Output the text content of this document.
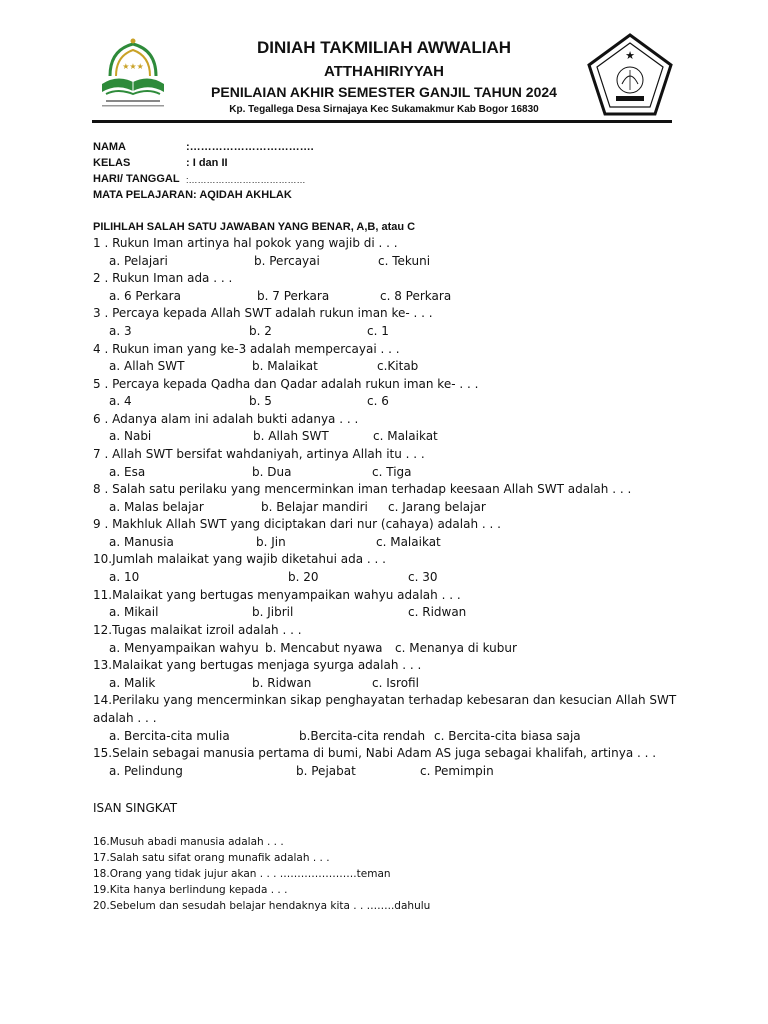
★★★
★
DINIAH TAKMILIAH AWWALIAH
ATTHAHIRIYYAH
PENILAIAN AKHIR SEMESTER GANJIL TAHUN 2024
Kp. Tegallega Desa Sirnajaya Kec Sukamakmur Kab Bogor 16830
NAMA	:…………………………….
KELAS	: I dan II
HARI/ TANGGAL :…………………………………
MATA PELAJARAN: AQIDAH AKHLAK
PILIHLAH SALAH SATU JAWABAN YANG BENAR, A,B, atau C
1 . Rukun Iman artinya hal pokok yang wajib di . . .
a. Pelajari	b. Percayai	c. Tekuni
2 . Rukun Iman ada . . .
a. 6 Perkara	b. 7 Perkara	c. 8 Perkara
3 . Percaya kepada Allah SWT adalah rukun iman ke- . . .
a. 3	b. 2	c. 1
4 . Rukun iman yang ke-3 adalah mempercayai . . .
a. Allah SWT	b. Malaikat	c.Kitab
5 . Percaya kepada Qadha dan Qadar adalah rukun iman ke- . . .
a. 4	b. 5	c. 6
6 . Adanya alam ini adalah bukti adanya . . .
a. Nabi	b. Allah SWT	c. Malaikat
7 . Allah SWT bersifat wahdaniyah, artinya Allah itu . . .
a. Esa	b. Dua	c. Tiga
8 . Salah satu perilaku yang mencerminkan iman terhadap keesaan Allah SWT adalah . . .
a. Malas belajar	b. Belajar mandiri c. Jarang belajar
9 . Makhluk Allah SWT yang diciptakan dari nur (cahaya) adalah . . .
a. Manusia	b. Jin	c. Malaikat
10.Jumlah malaikat yang wajib diketahui ada . . .
a. 10	b. 20	c. 30
11.Malaikat yang bertugas menyampaikan wahyu adalah . . .
a. Mikail	b. Jibril	c. Ridwan
12.Tugas malaikat izroil adalah . . .
a. Menyampaikan wahyu b. Mencabut nyawa c. Menanya di kubur
13.Malaikat yang bertugas menjaga syurga adalah . . .
a. Malik	b. Ridwan	c. Isrofil
14.Perilaku yang mencerminkan sikap penghayatan terhadap kebesaran dan kesucian Allah SWT
adalah . . .
a. Bercita-cita mulia	b.Bercita-cita rendah c. Bercita-cita biasa saja
15.Selain sebagai manusia pertama di bumi, Nabi Adam AS juga sebagai khalifah, artinya . . .
a. Pelindung	b. Pejabat	c. Pemimpin
ISAN SINGKAT
16.Musuh abadi manusia adalah . . .
17.Salah satu sifat orang munafik adalah . . .
18.Orang yang tidak jujur akan . . . ………………….teman
19.Kita hanya berlindung kepada . . .
20.Sebelum dan sesudah belajar hendaknya kita . . ……..dahulu
